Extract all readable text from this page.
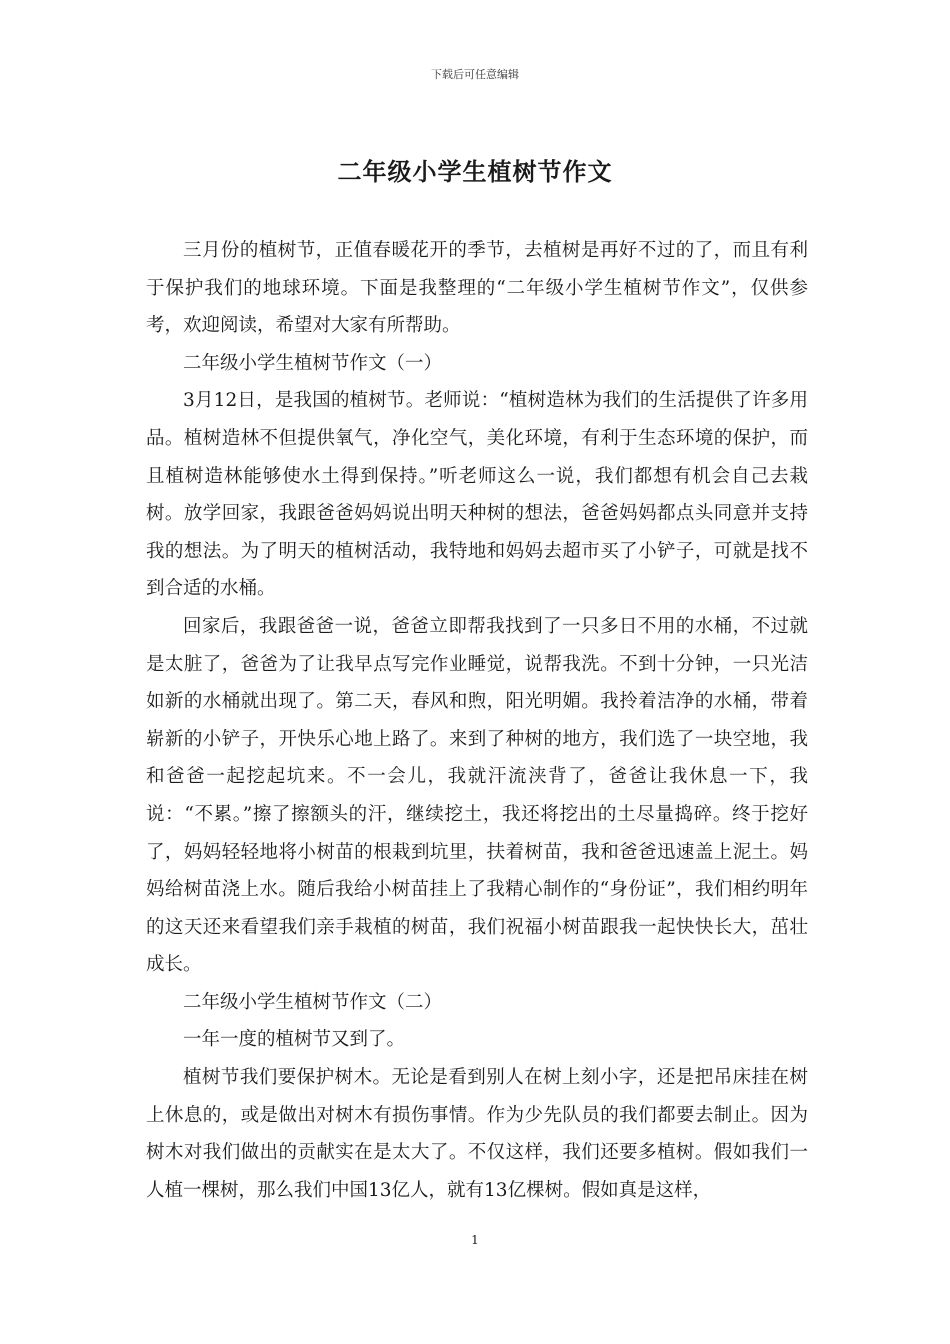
下载后可任意编辑
二年级小学生植树节作文

三月份的植树节，正值春暖花开的季节，去植树是再好不过的了，而且有利于保护我们的地球环境。下面是我整理的“二年级小学生植树节作文”，仅供参考，欢迎阅读，希望对大家有所帮助。

二年级小学生植树节作文（一）

3月12日，是我国的植树节。老师说：“植树造林为我们的生活提供了许多用品。植树造林不但提供氧气，净化空气，美化环境，有利于生态环境的保护，而且植树造林能够使水土得到保持。”听老师这么一说，我们都想有机会自己去栽树。放学回家，我跟爸爸妈妈说出明天种树的想法，爸爸妈妈都点头同意并支持我的想法。为了明天的植树活动，我特地和妈妈去超市买了小铲子，可就是找不到合适的水桶。

回家后，我跟爸爸一说，爸爸立即帮我找到了一只多日不用的水桶，不过就是太脏了，爸爸为了让我早点写完作业睡觉，说帮我洗。不到十分钟，一只光洁如新的水桶就出现了。第二天，春风和煦，阳光明媚。我拎着洁净的水桶，带着崭新的小铲子，开快乐心地上路了。来到了种树的地方，我们选了一块空地，我和爸爸一起挖起坑来。不一会儿，我就汗流浃背了，爸爸让我休息一下，我说：“不累。”擦了擦额头的汗，继续挖土，我还将挖出的土尽量捣碎。终于挖好了，妈妈轻轻地将小树苗的根栽到坑里，扶着树苗，我和爸爸迅速盖上泥土。妈妈给树苗浇上水。随后我给小树苗挂上了我精心制作的“身份证”，我们相约明年的这天还来看望我们亲手栽植的树苗，我们祝福小树苗跟我一起快快长大，茁壮成长。

二年级小学生植树节作文（二）

一年一度的植树节又到了。

植树节我们要保护树木。无论是看到别人在树上刻小字，还是把吊床挂在树上休息的，或是做出对树木有损伤事情。作为少先队员的我们都要去制止。因为树木对我们做出的贡献实在是太大了。不仅这样，我们还要多植树。假如我们一人植一棵树，那么我们中国13亿人，就有13亿棵树。假如真是这样，

1
